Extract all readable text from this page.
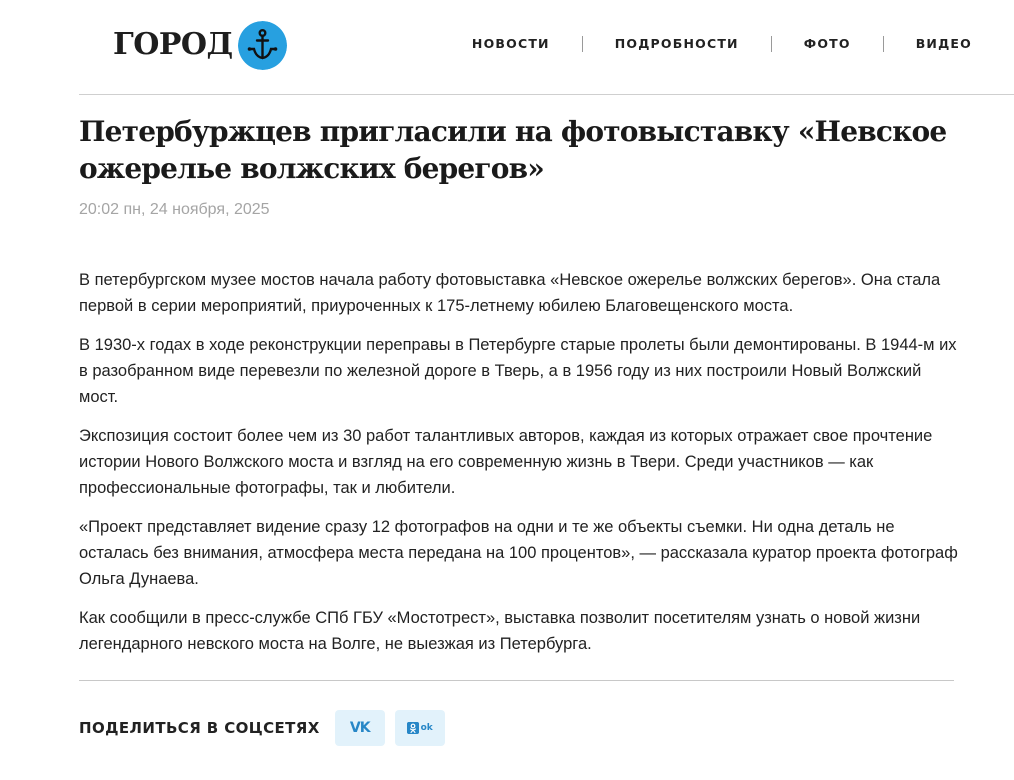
ГОРОД	НОВОСТИ	ПОДРОБНОСТИ	ФОТО	ВИДЕО
Петербуржцев пригласили на фотовыставку «Невское ожерелье волжских берегов»
20:02 пн, 24 ноября, 2025

В петербургском музее мостов начала работу фотовыставка «Невское ожерелье волжских берегов». Она стала первой в серии мероприятий, приуроченных к 175-летнему юбилею Благовещенского моста.

В 1930-х годах в ходе реконструкции переправы в Петербурге старые пролеты были демонтированы. В 1944-м их в разобранном виде перевезли по железной дороге в Тверь, а в 1956 году из них построили Новый Волжский мост.

Экспозиция состоит более чем из 30 работ талантливых авторов, каждая из которых отражает свое прочтение истории Нового Волжского моста и взгляд на его современную жизнь в Твери. Среди участников — как профессиональные фотографы, так и любители.

«Проект представляет видение сразу 12 фотографов на одни и те же объекты съемки. Ни одна деталь не осталась без внимания, атмосфера места передана на 100 процентов», — рассказала куратор проекта фотограф Ольга Дунаева.

Как сообщили в пресс-службе СПб ГБУ «Мостотрест», выставка позволит посетителям узнать о новой жизни легендарного невского моста на Волге, не выезжая из Петербурга.

ПОДЕЛИТЬСЯ В СОЦСЕТЯХ VK	ok
